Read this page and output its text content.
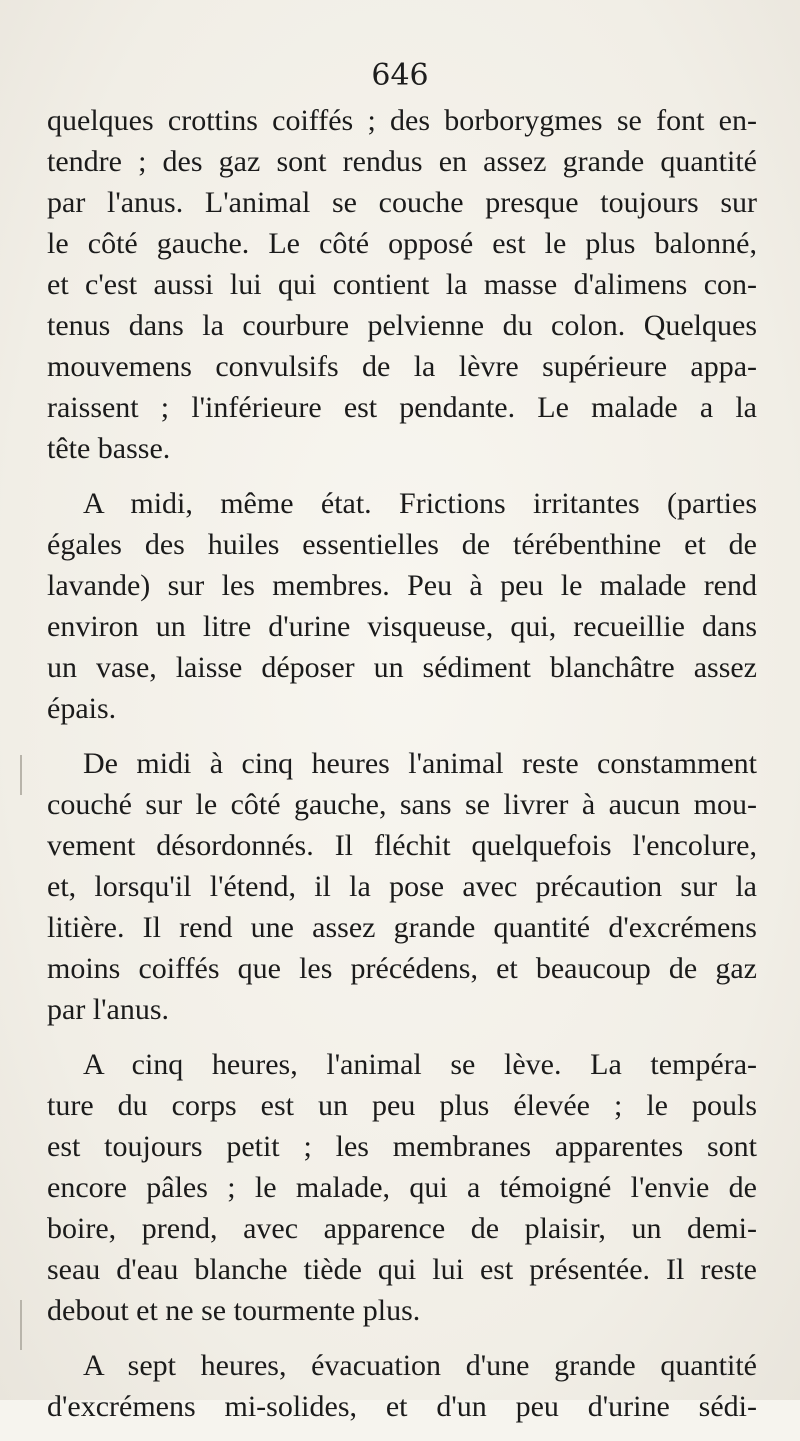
646
quelques crottins coiffés ; des borborygmes se font en-
tendre ; des gaz sont rendus en assez grande quantité
par l'anus. L'animal se couche presque toujours sur
le côté gauche. Le côté opposé est le plus balonné,
et c'est aussi lui qui contient la masse d'alimens con-
tenus dans la courbure pelvienne du colon. Quelques
mouvemens convulsifs de la lèvre supérieure appa-
raissent ; l'inférieure est pendante. Le malade a la
tête basse.
A midi, même état. Frictions irritantes (parties
égales des huiles essentielles de térébenthine et de
lavande) sur les membres. Peu à peu le malade rend
environ un litre d'urine visqueuse, qui, recueillie dans
un vase, laisse déposer un sédiment blanchâtre assez
épais.
De midi à cinq heures l'animal reste constamment
couché sur le côté gauche, sans se livrer à aucun mou-
vement désordonnés. Il fléchit quelquefois l'encolure,
et, lorsqu'il l'étend, il la pose avec précaution sur la
litière. Il rend une assez grande quantité d'excrémens
moins coiffés que les précédens, et beaucoup de gaz
par l'anus.
A cinq heures, l'animal se lève. La tempéra-
ture du corps est un peu plus élevée ; le pouls
est toujours petit ; les membranes apparentes sont
encore pâles ; le malade, qui a témoigné l'envie de
boire, prend, avec apparence de plaisir, un demi-
seau d'eau blanche tiède qui lui est présentée. Il reste
debout et ne se tourmente plus.
A sept heures, évacuation d'une grande quantité
d'excrémens mi-solides, et d'un peu d'urine sédi-
